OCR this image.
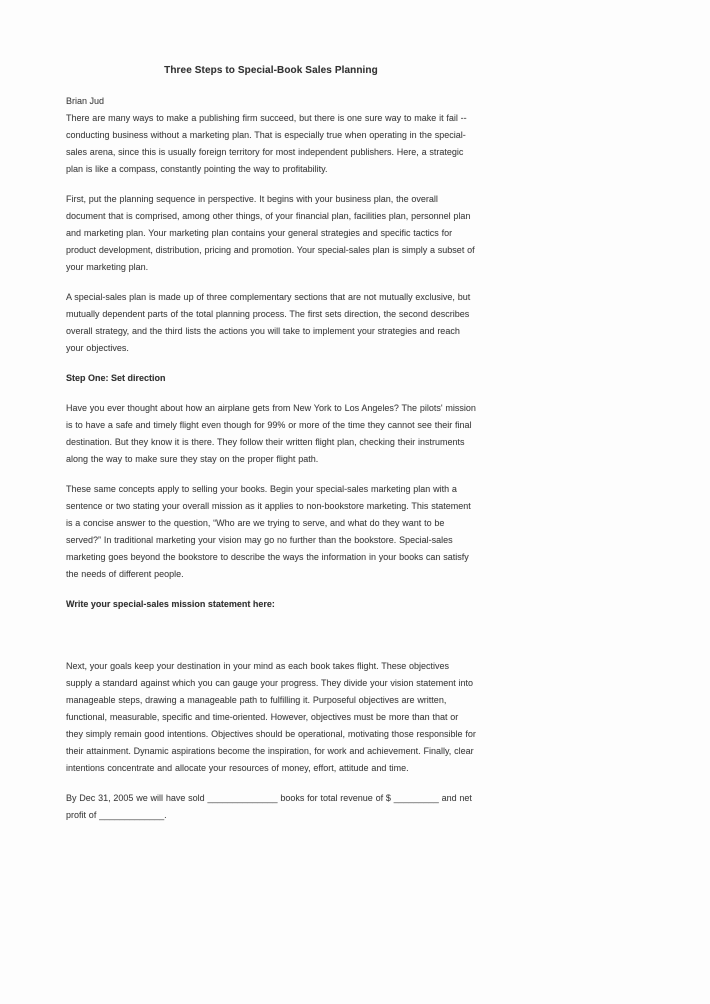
Three Steps to Special-Book Sales Planning
Brian Jud

There are many ways to make a publishing firm succeed, but there is one sure way to make it fail -- conducting business without a marketing plan. That is especially true when operating in the special-sales arena, since this is usually foreign territory for most independent publishers. Here, a strategic plan is like a compass, constantly pointing the way to profitability.

First, put the planning sequence in perspective. It begins with your business plan, the overall document that is comprised, among other things, of your financial plan, facilities plan, personnel plan and marketing plan. Your marketing plan contains your general strategies and specific tactics for product development, distribution, pricing and promotion. Your special-sales plan is simply a subset of your marketing plan.

A special-sales plan is made up of three complementary sections that are not mutually exclusive, but mutually dependent parts of the total planning process. The first sets direction, the second describes overall strategy, and the third lists the actions you will take to implement your strategies and reach your objectives.

Step One: Set direction

Have you ever thought about how an airplane gets from New York to Los Angeles? The pilots' mission is to have a safe and timely flight even though for 99% or more of the time they cannot see their final destination. But they know it is there. They follow their written flight plan, checking their instruments along the way to make sure they stay on the proper flight path.

These same concepts apply to selling your books. Begin your special-sales marketing plan with a sentence or two stating your overall mission as it applies to non-bookstore marketing. This statement is a concise answer to the question, “Who are we trying to serve, and what do they want to be served?” In traditional marketing your vision may go no further than the bookstore. Special-sales marketing goes beyond the bookstore to describe the ways the information in your books can satisfy the needs of different people.

Write your special-sales mission statement here:

Next, your goals keep your destination in your mind as each book takes flight. These objectives supply a standard against which you can gauge your progress. They divide your vision statement into manageable steps, drawing a manageable path to fulfilling it. Purposeful objectives are written, functional, measurable, specific and time-oriented. However, objectives must be more than that or they simply remain good intentions. Objectives should be operational, motivating those responsible for their attainment. Dynamic aspirations become the inspiration, for work and achievement. Finally, clear intentions concentrate and allocate your resources of money, effort, attitude and time.

By Dec 31, 2005 we will have sold ______________ books for total revenue of $ _________ and net profit of _____________.
